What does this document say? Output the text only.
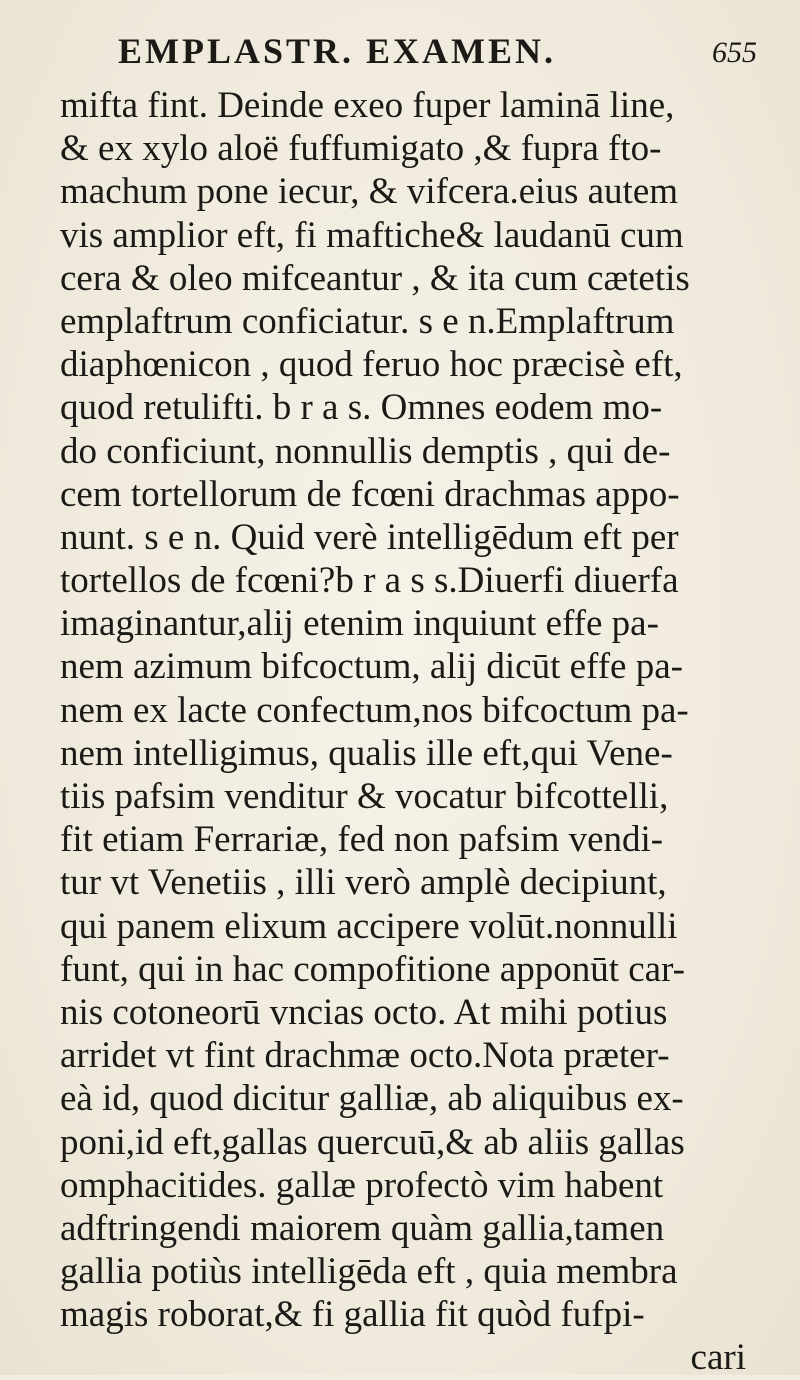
EMPLASTR. EXAMEN.	655
mifta fint. Deinde exeo fuper laminā line,
& ex xylo aloë fuffumigato ,& fupra fto-
machum pone iecur, & vifcera.eius autem
vis amplior eft, fi maftiche& laudanū cum
cera & oleo mifceantur , & ita cum cætetis
emplaftrum conficiatur. s e n.Emplaftrum
diaphœnicon , quod feruo hoc præcisè eft,
quod retulifti. b r a s. Omnes eodem mo-
do conficiunt, nonnullis demptis , qui de-
cem tortellorum de fcœni drachmas appo-
nunt. s e n. Quid verè intelligēdum eft per
tortellos de fcœni?b r a s s.Diuerfi diuerfa
imaginantur,alij etenim inquiunt effe pa-
nem azimum bifcoctum, alij dicūt effe pa-
nem ex lacte confectum,nos bifcoctum pa-
nem intelligimus, qualis ille eft,qui Vene-
tiis pafsim venditur & vocatur bifcottelli,
fit etiam Ferrariæ, fed non pafsim vendi-
tur vt Venetiis , illi verò amplè decipiunt,
qui panem elixum accipere volūt.nonnulli
funt, qui in hac compofitione apponūt car-
nis cotoneorū vncias octo. At mihi potius
arridet vt fint drachmæ octo.Nota præter-
eà id, quod dicitur galliæ, ab aliquibus ex-
poni,id eft,gallas quercuū,& ab aliis gallas
omphacitides. gallæ profectò vim habent
adftringendi maiorem quàm gallia,tamen
gallia potiùs intelligēda eft , quia membra
magis roborat,& fi gallia fit quòd fufpi-
cari
